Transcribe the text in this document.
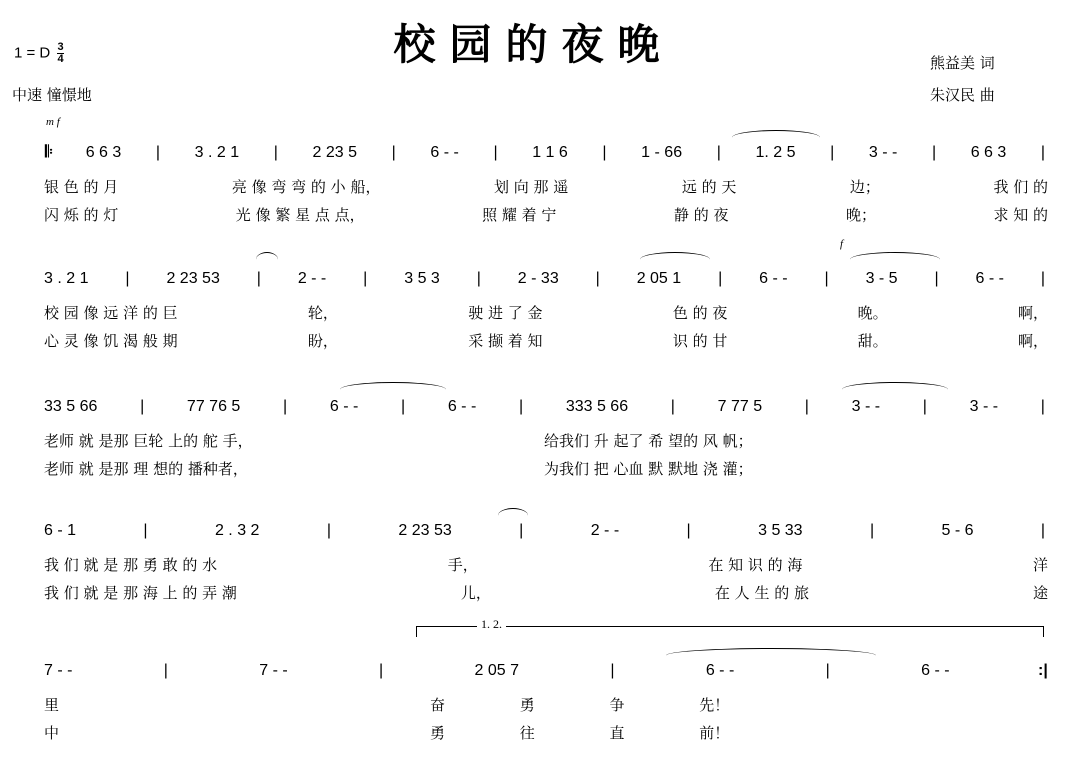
校园的夜晚
1 = D $\frac{3}{4}$
中速 憧憬地
熊益美 词
朱汉民 曲
m f
f
1. 2.
𝄆 6 6 3 | 3 . 2 1 | 2 23 5 | 6 - - | 1 1 6 | 1 - 66 | 1. 2 5 | 3 - - | 6 6 3 |
银 色 的 月	亮 像 弯 弯 的 小 船，	划 向 那 遥	远 的 天	边；	我 们 的
闪 烁 的 灯	光 像 繁 星 点 点，	照 耀 着 宁	静 的 夜	晚；	求 知 的
3 . 2 1 | 2 23 53 | 2 - - | 3 5 3 | 2 - 33 | 2 05 1 | 6 - - | 3 - 5 | 6 - - |
校 园 像 远 洋 的 巨	轮，	驶 进 了 金	色 的 夜	晚。	啊，
心 灵 像 饥 渴 般 期	盼，	采 撷 着 知	识 的 甘	甜。	啊，
33 5 66	|	77 76 5	|	6 - -	|	6 - -	|	333 5 66	|	7 77 5	|	3 - -	|	3 - -	|
老师 就 是那 巨轮 上的 舵 手，	给我们 升 起了 希 望的 风 帆；
老师 就 是那 理 想的 播种者，	为我们 把 心血 默 默地 浇 灌；
6 - 1	|	2 . 3 2	|	2 23 53	|	2 - -	|	3 5 33	|	5 - 6	|
我 们 就 是 那 勇 敢 的 水	手，	在 知 识 的 海	洋
我 们 就 是 那 海 上 的 弄 潮	儿，	在 人 生 的 旅	途
7 - -	|	7 - -	|	2 05 7	|	6 - -	|	6 - -	:|
里	奋 勇 争 先！
中	勇 往 直 前！
